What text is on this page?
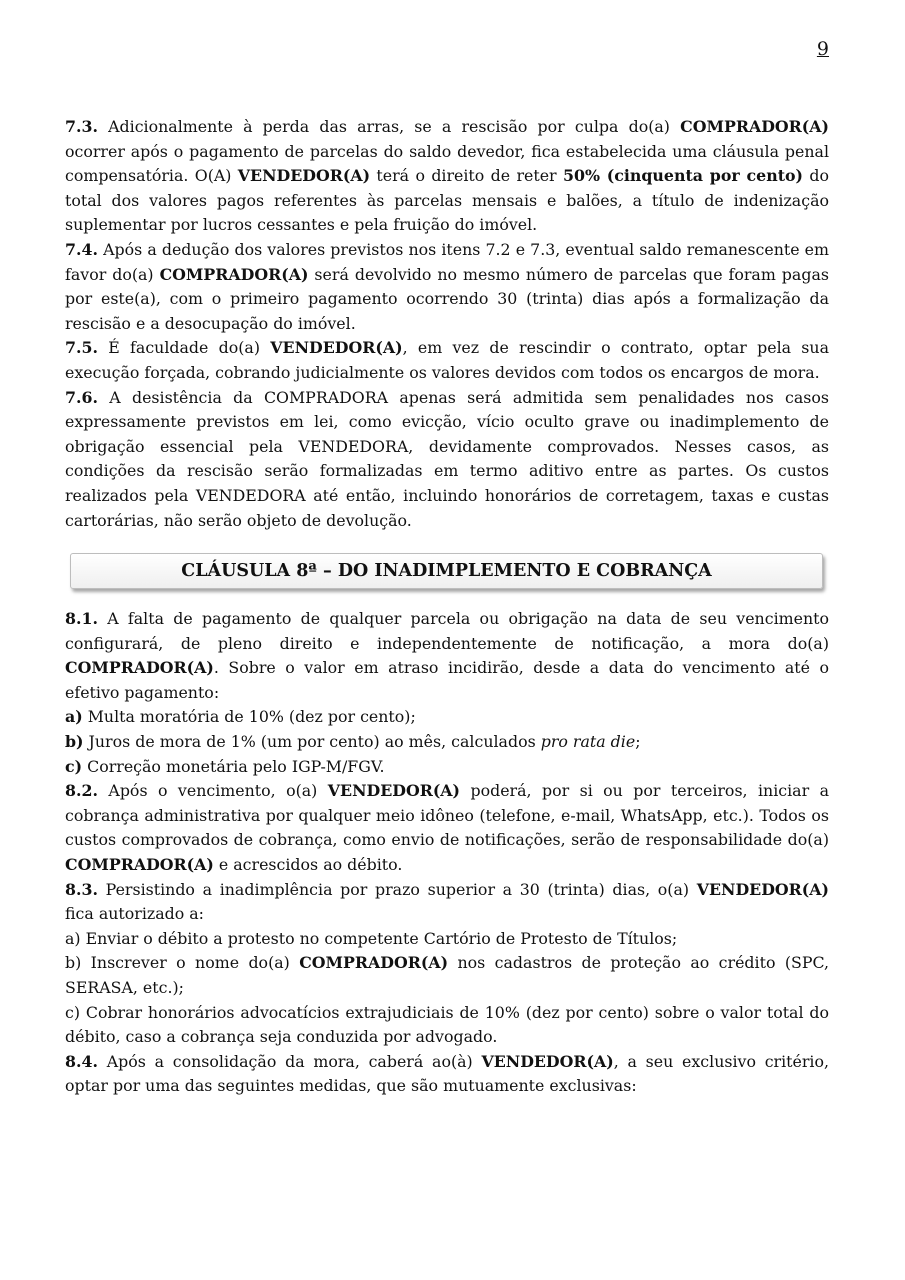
9

7.3. Adicionalmente à perda das arras, se a rescisão por culpa do(a) COMPRADOR(A) ocorrer após o pagamento de parcelas do saldo devedor, fica estabelecida uma cláusula penal compensatória. O(A) VENDEDOR(A) terá o direito de reter 50% (cinquenta por cento) do total dos valores pagos referentes às parcelas mensais e balões, a título de indenização suplementar por lucros cessantes e pela fruição do imóvel.

7.4. Após a dedução dos valores previstos nos itens 7.2 e 7.3, eventual saldo remanescente em favor do(a) COMPRADOR(A) será devolvido no mesmo número de parcelas que foram pagas por este(a), com o primeiro pagamento ocorrendo 30 (trinta) dias após a formalização da rescisão e a desocupação do imóvel.

7.5. É faculdade do(a) VENDEDOR(A), em vez de rescindir o contrato, optar pela sua execução forçada, cobrando judicialmente os valores devidos com todos os encargos de mora.

7.6. A desistência da COMPRADORA apenas será admitida sem penalidades nos casos expressamente previstos em lei, como evicção, vício oculto grave ou inadimplemento de obrigação essencial pela VENDEDORA, devidamente comprovados. Nesses casos, as condições da rescisão serão formalizadas em termo aditivo entre as partes. Os custos realizados pela VENDEDORA até então, incluindo honorários de corretagem, taxas e custas cartorárias, não serão objeto de devolução.

CLÁUSULA 8ª – DO INADIMPLEMENTO E COBRANÇA

8.1. A falta de pagamento de qualquer parcela ou obrigação na data de seu vencimento configurará, de pleno direito e independentemente de notificação, a mora do(a) COMPRADOR(A). Sobre o valor em atraso incidirão, desde a data do vencimento até o efetivo pagamento:

a) Multa moratória de 10% (dez por cento);

b) Juros de mora de 1% (um por cento) ao mês, calculados pro rata die;

c) Correção monetária pelo IGP-M/FGV.

8.2. Após o vencimento, o(a) VENDEDOR(A) poderá, por si ou por terceiros, iniciar a cobrança administrativa por qualquer meio idôneo (telefone, e-mail, WhatsApp, etc.). Todos os custos comprovados de cobrança, como envio de notificações, serão de responsabilidade do(a) COMPRADOR(A) e acrescidos ao débito.

8.3. Persistindo a inadimplência por prazo superior a 30 (trinta) dias, o(a) VENDEDOR(A) fica autorizado a:

a) Enviar o débito a protesto no competente Cartório de Protesto de Títulos;

b) Inscrever o nome do(a) COMPRADOR(A) nos cadastros de proteção ao crédito (SPC, SERASA, etc.);

c) Cobrar honorários advocatícios extrajudiciais de 10% (dez por cento) sobre o valor total do débito, caso a cobrança seja conduzida por advogado.

8.4. Após a consolidação da mora, caberá ao(à) VENDEDOR(A), a seu exclusivo critério, optar por uma das seguintes medidas, que são mutuamente exclusivas:
